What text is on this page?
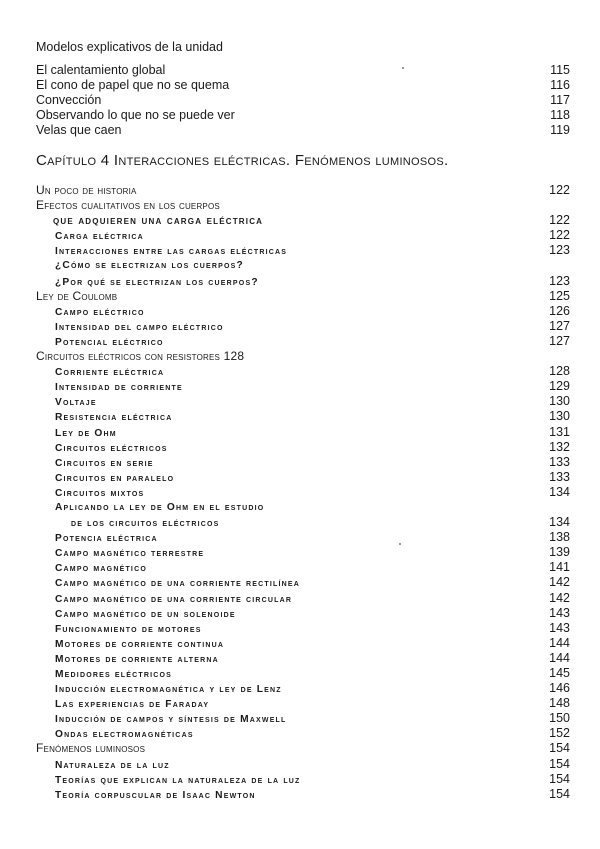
Modelos explicativos de la unidad
El calentamiento global	115
El cono de papel que no se quema	116
Convección	117
Observando lo que no se puede ver	118
Velas que caen	119
Capítulo 4 Interacciones eléctricas. Fenómenos luminosos.
Un poco de historia	122
Efectos cualitativos en los cuerpos
que adquieren una carga eléctrica	122
Carga eléctrica	122
Interacciones entre las cargas eléctricas	123
¿Cómo se electrizan los cuerpos?
¿Por qué se electrizan los cuerpos?	123
Ley de Coulomb	125
Campo eléctrico	126
Intensidad del campo eléctrico	127
Potencial eléctrico	127
Circuitos eléctricos con resistores 128
Corriente eléctrica	128
Intensidad de corriente	129
Voltaje	130
Resistencia eléctrica	130
Ley de Ohm	131
Circuitos eléctricos	132
Circuitos en serie	133
Circuitos en paralelo	133
Circuitos mixtos	134
Aplicando la ley de Ohm en el estudio
de los circuitos eléctricos	134
Potencia eléctrica	138
Campo magnético terrestre	139
Campo magnético	141
Campo magnético de una corriente rectilínea	142
Campo magnético de una corriente circular	142
Campo magnético de un solenoide	143
Funcionamiento de motores	143
Motores de corriente continua	144
Motores de corriente alterna	144
Medidores eléctricos	145
Inducción electromagnética y ley de Lenz	146
Las experiencias de Faraday	148
Inducción de campos y síntesis de Maxwell	150
Ondas electromagnéticas	152
Fenómenos luminosos	154
Naturaleza de la luz	154
Teorías que explican la naturaleza de la luz	154
Teoría corpuscular de Isaac Newton	154
